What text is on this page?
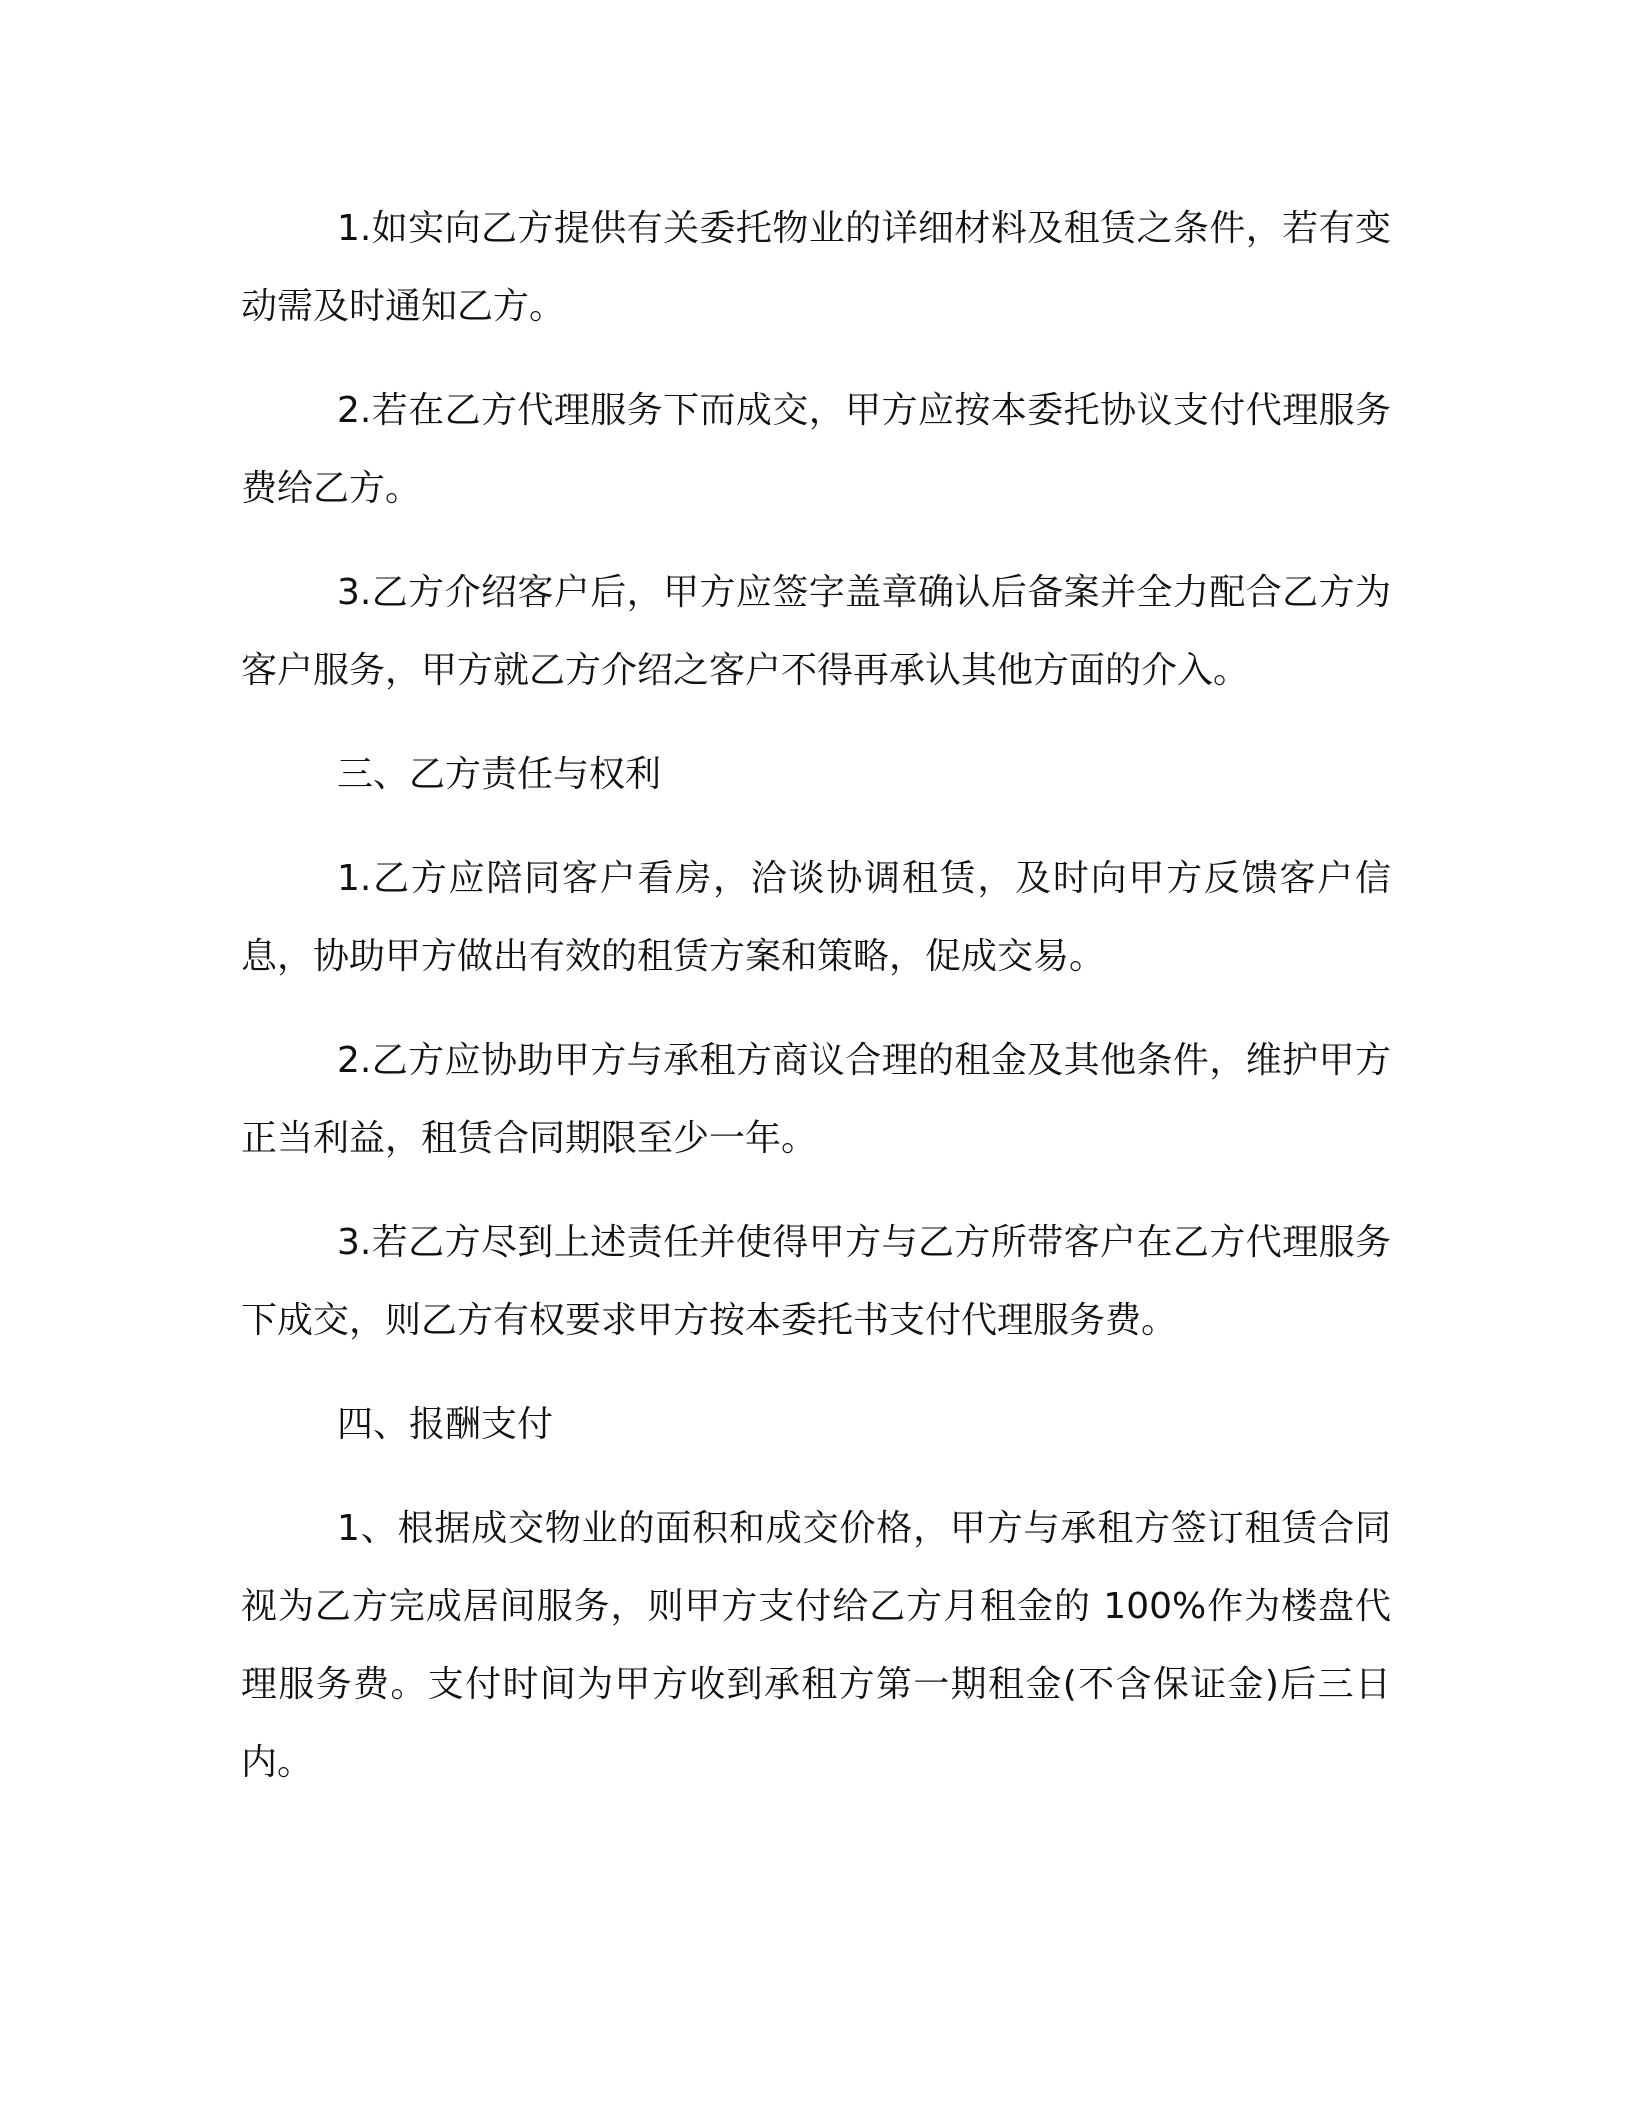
1.如实向乙方提供有关委托物业的详细材料及租赁之条件，若有变动需及时通知乙方。

2.若在乙方代理服务下而成交，甲方应按本委托协议支付代理服务费给乙方。

3.乙方介绍客户后，甲方应签字盖章确认后备案并全力配合乙方为客户服务，甲方就乙方介绍之客户不得再承认其他方面的介入。

三、乙方责任与权利

1.乙方应陪同客户看房，洽谈协调租赁，及时向甲方反馈客户信息，协助甲方做出有效的租赁方案和策略，促成交易。

2.乙方应协助甲方与承租方商议合理的租金及其他条件，维护甲方正当利益，租赁合同期限至少一年。

3.若乙方尽到上述责任并使得甲方与乙方所带客户在乙方代理服务下成交，则乙方有权要求甲方按本委托书支付代理服务费。

四、报酬支付

1、根据成交物业的面积和成交价格，甲方与承租方签订租赁合同视为乙方完成居间服务，则甲方支付给乙方月租金的 100%作为楼盘代理服务费。支付时间为甲方收到承租方第一期租金(不含保证金)后三日内。
